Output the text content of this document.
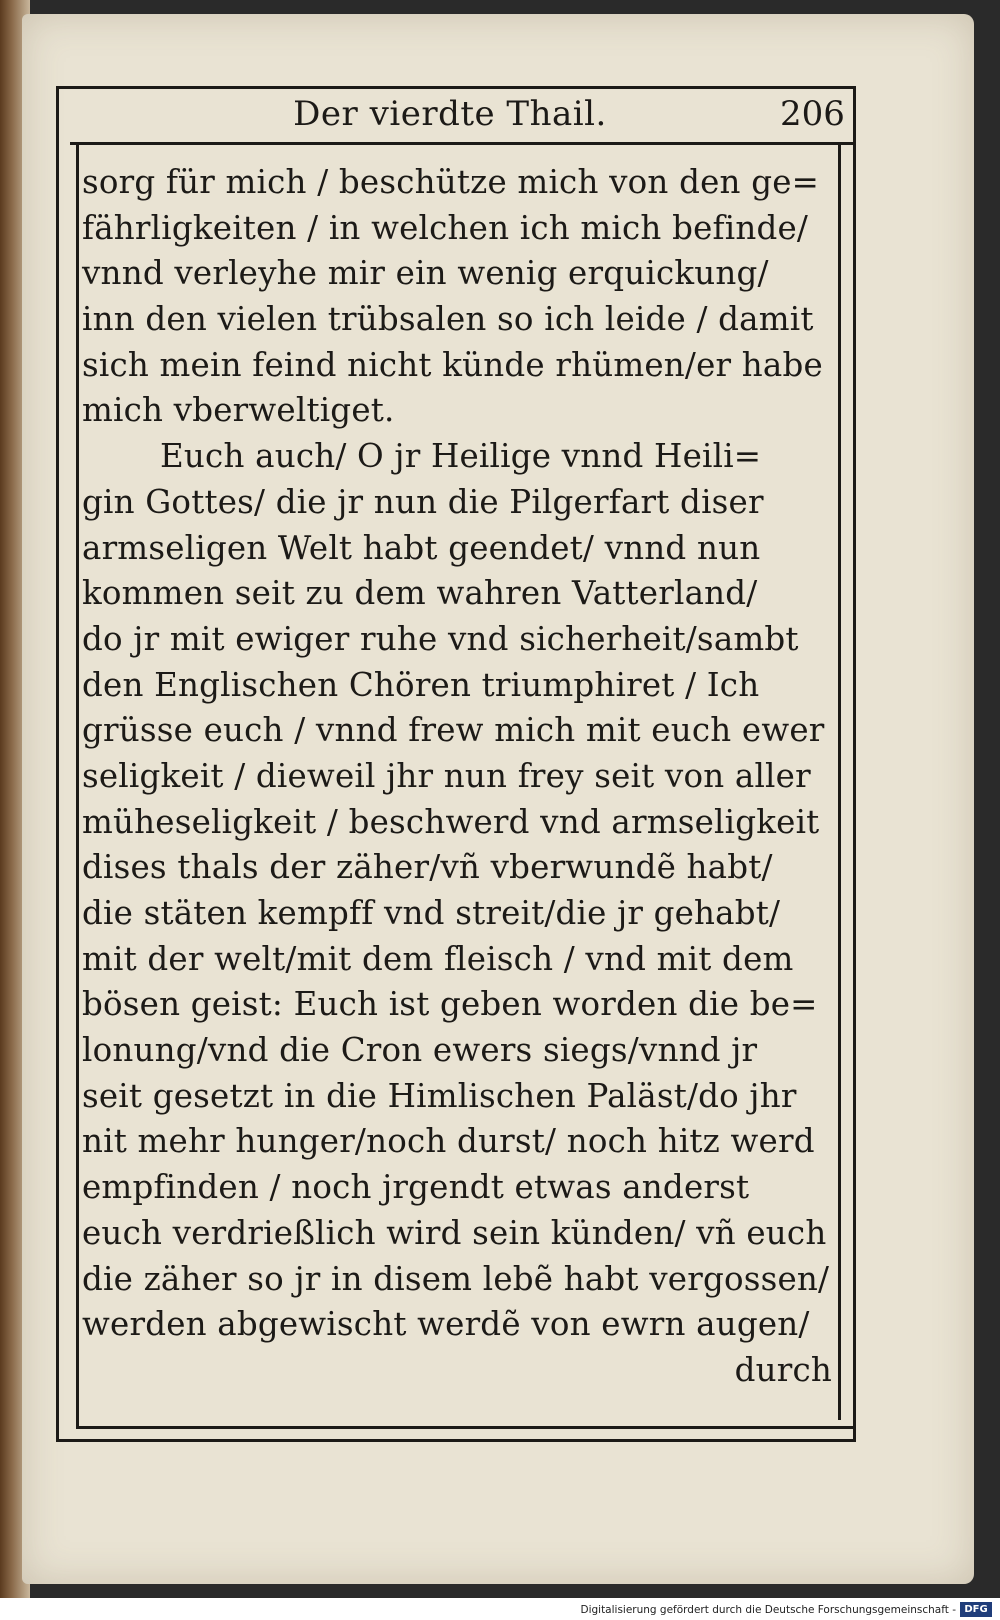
Der vierdte Thail.	206
sorg für mich / beschütze mich von den ge=
fährligkeiten / in welchen ich mich befinde/
vnnd verleyhe mir ein wenig erquickung/
inn den vielen trübsalen so ich leide / damit
sich mein feind nicht künde rhümen/er habe
mich vberweltiget.
Euch auch/ O jr Heilige vnnd Heili=
gin Gottes/ die jr nun die Pilgerfart diser
armseligen Welt habt geendet/ vnnd nun
kommen seit zu dem wahren Vatterland/
do jr mit ewiger ruhe vnd sicherheit/sambt
den Englischen Chören triumphiret / Ich
grüsse euch / vnnd frew mich mit euch ewer
seligkeit / dieweil jhr nun frey seit von aller
müheseligkeit / beschwerd vnd armseligkeit
dises thals der zäher/vñ vberwundẽ habt/
die stäten kempff vnd streit/die jr gehabt/
mit der welt/mit dem fleisch / vnd mit dem
bösen geist: Euch ist geben worden die be=
lonung/vnd die Cron ewers siegs/vnnd jr
seit gesetzt in die Himlischen Paläst/do jhr
nit mehr hunger/noch durst/ noch hitz werd
empfinden / noch jrgendt etwas anderst
euch verdrießlich wird sein künden/ vñ euch
die zäher so jr in disem lebẽ habt vergossen/
werden abgewischt werdẽ von ewrn augen/
durch
Digitalisierung gefördert durch die Deutsche Forschungsgemeinschaft - DFG
